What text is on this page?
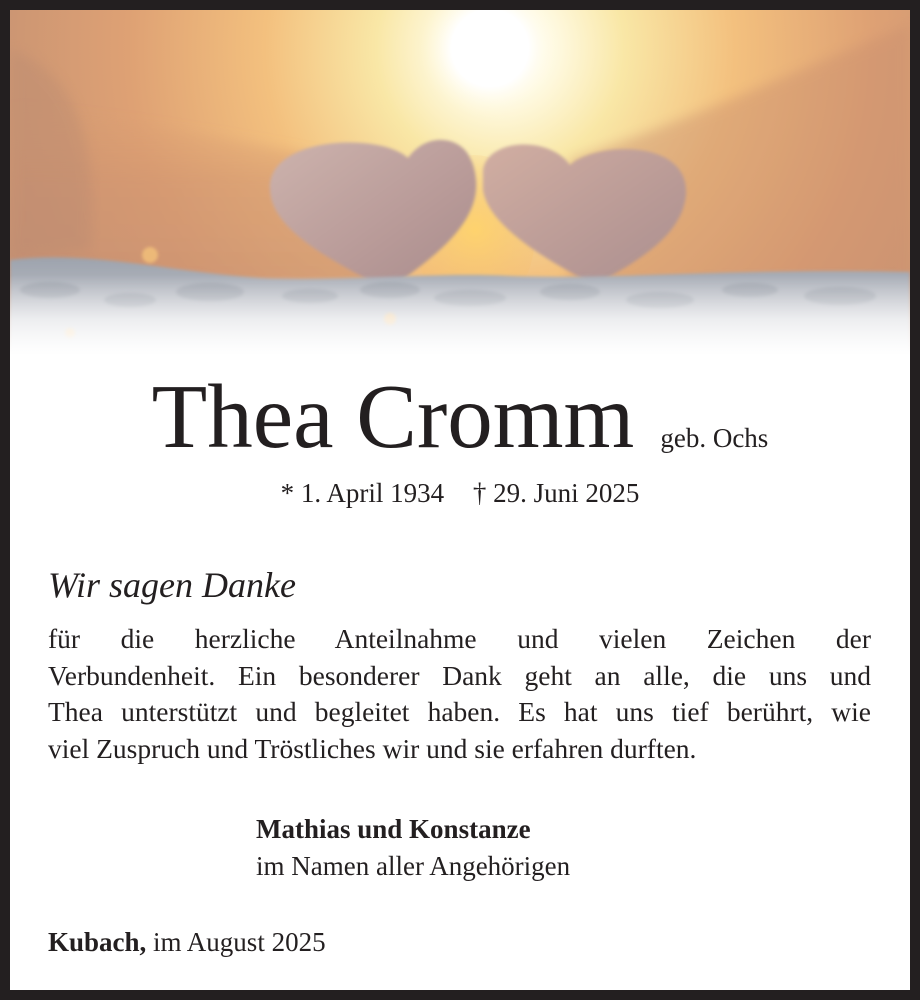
Thea Cromm geb. Ochs
* 1. April 1934 † 29. Juni 2025
Wir sagen Danke
für die herzliche Anteilnahme und vielen Zeichen der
Verbundenheit. Ein besonderer Dank geht an alle, die uns und
Thea unterstützt und begleitet haben. Es hat uns tief berührt, wie
viel Zuspruch und Tröstliches wir und sie erfahren durften.
Mathias und Konstanze
im Namen aller Angehörigen
Kubach, im August 2025
